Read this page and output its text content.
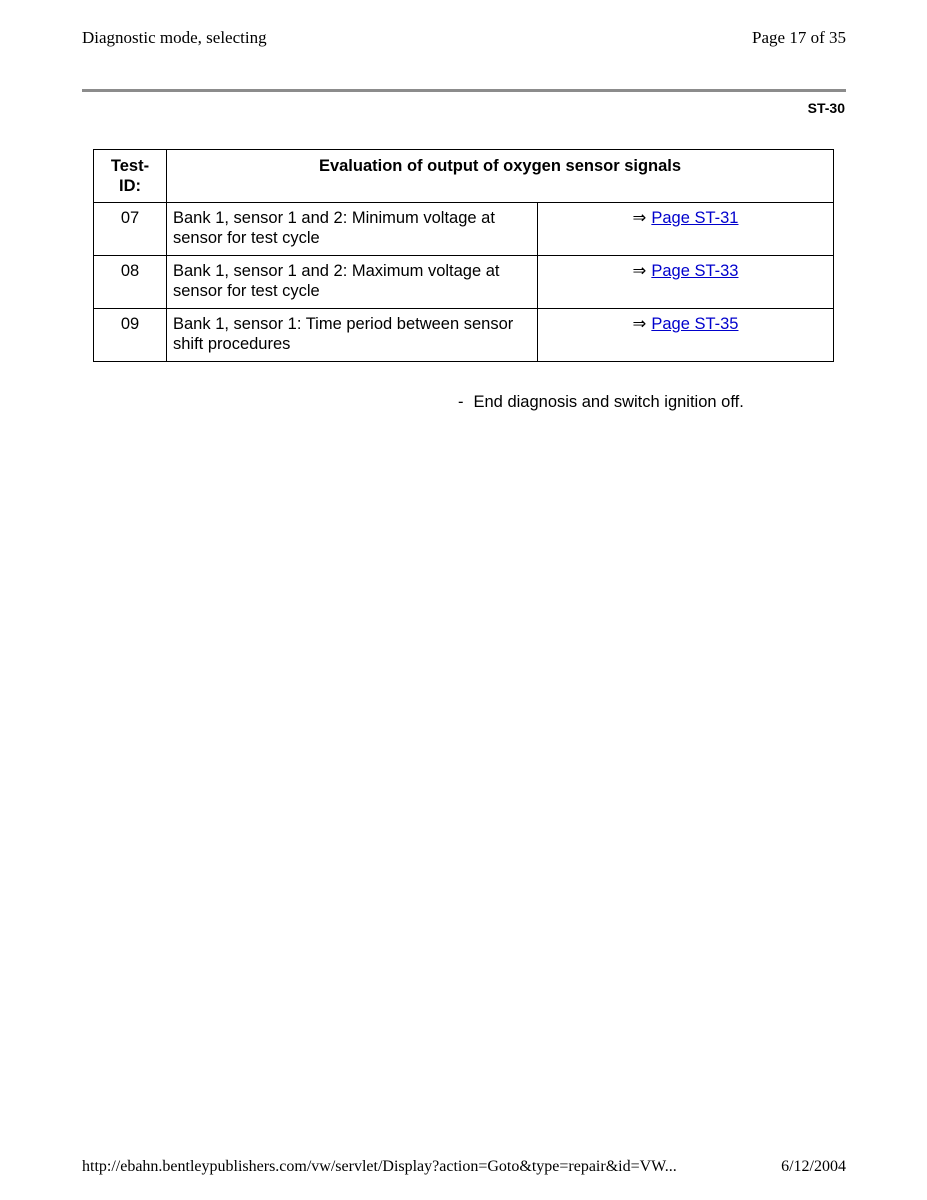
Diagnostic mode, selecting	Page 17 of 35
ST-30
Test-
ID:	Evaluation of output of oxygen sensor signals	
07	Bank 1, sensor 1 and 2: Minimum voltage at sensor for test cycle	⇒ Page ST-31
08	Bank 1, sensor 1 and 2: Maximum voltage at sensor for test cycle	⇒ Page ST-33
09	Bank 1, sensor 1: Time period between sensor shift procedures	⇒ Page ST-35
- End diagnosis and switch ignition off.
http://ebahn.bentleypublishers.com/vw/servlet/Display?action=Goto&type=repair&id=VW...	6/12/2004
